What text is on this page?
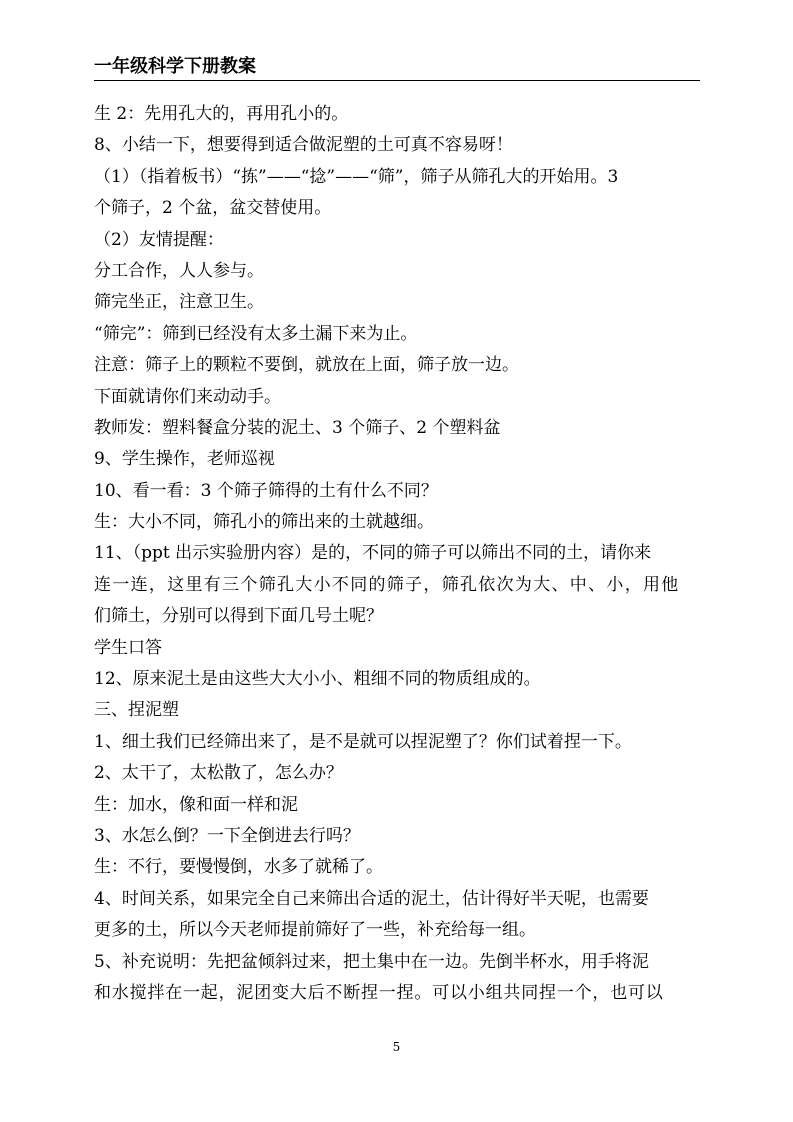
一年级科学下册教案
生 2：先用孔大的，再用孔小的。
8、小结一下，想要得到适合做泥塑的土可真不容易呀！
（1）（指着板书）“拣”——“捻”——“筛”，筛子从筛孔大的开始用。3
个筛子，2 个盆，盆交替使用。
（2）友情提醒：
分工合作，人人参与。
筛完坐正，注意卫生。
“筛完”：筛到已经没有太多土漏下来为止。
注意：筛子上的颗粒不要倒，就放在上面，筛子放一边。
下面就请你们来动动手。
教师发：塑料餐盒分装的泥土、3 个筛子、2 个塑料盆
9、学生操作，老师巡视
10、看一看：3 个筛子筛得的土有什么不同？
生：大小不同，筛孔小的筛出来的土就越细。
11、（ppt 出示实验册内容）是的，不同的筛子可以筛出不同的土，请你来
连一连，这里有三个筛孔大小不同的筛子，筛孔依次为大、中、小，用他
们筛土，分别可以得到下面几号土呢？
学生口答
12、原来泥土是由这些大大小小、粗细不同的物质组成的。
三、捏泥塑
1、细土我们已经筛出来了，是不是就可以捏泥塑了？你们试着捏一下。
2、太干了，太松散了，怎么办？
生：加水，像和面一样和泥
3、水怎么倒？一下全倒进去行吗？
生：不行，要慢慢倒，水多了就稀了。
4、时间关系，如果完全自己来筛出合适的泥土，估计得好半天呢，也需要
更多的土，所以今天老师提前筛好了一些，补充给每一组。
5、补充说明：先把盆倾斜过来，把土集中在一边。先倒半杯水，用手将泥
和水搅拌在一起，泥团变大后不断捏一捏。可以小组共同捏一个，也可以
5
